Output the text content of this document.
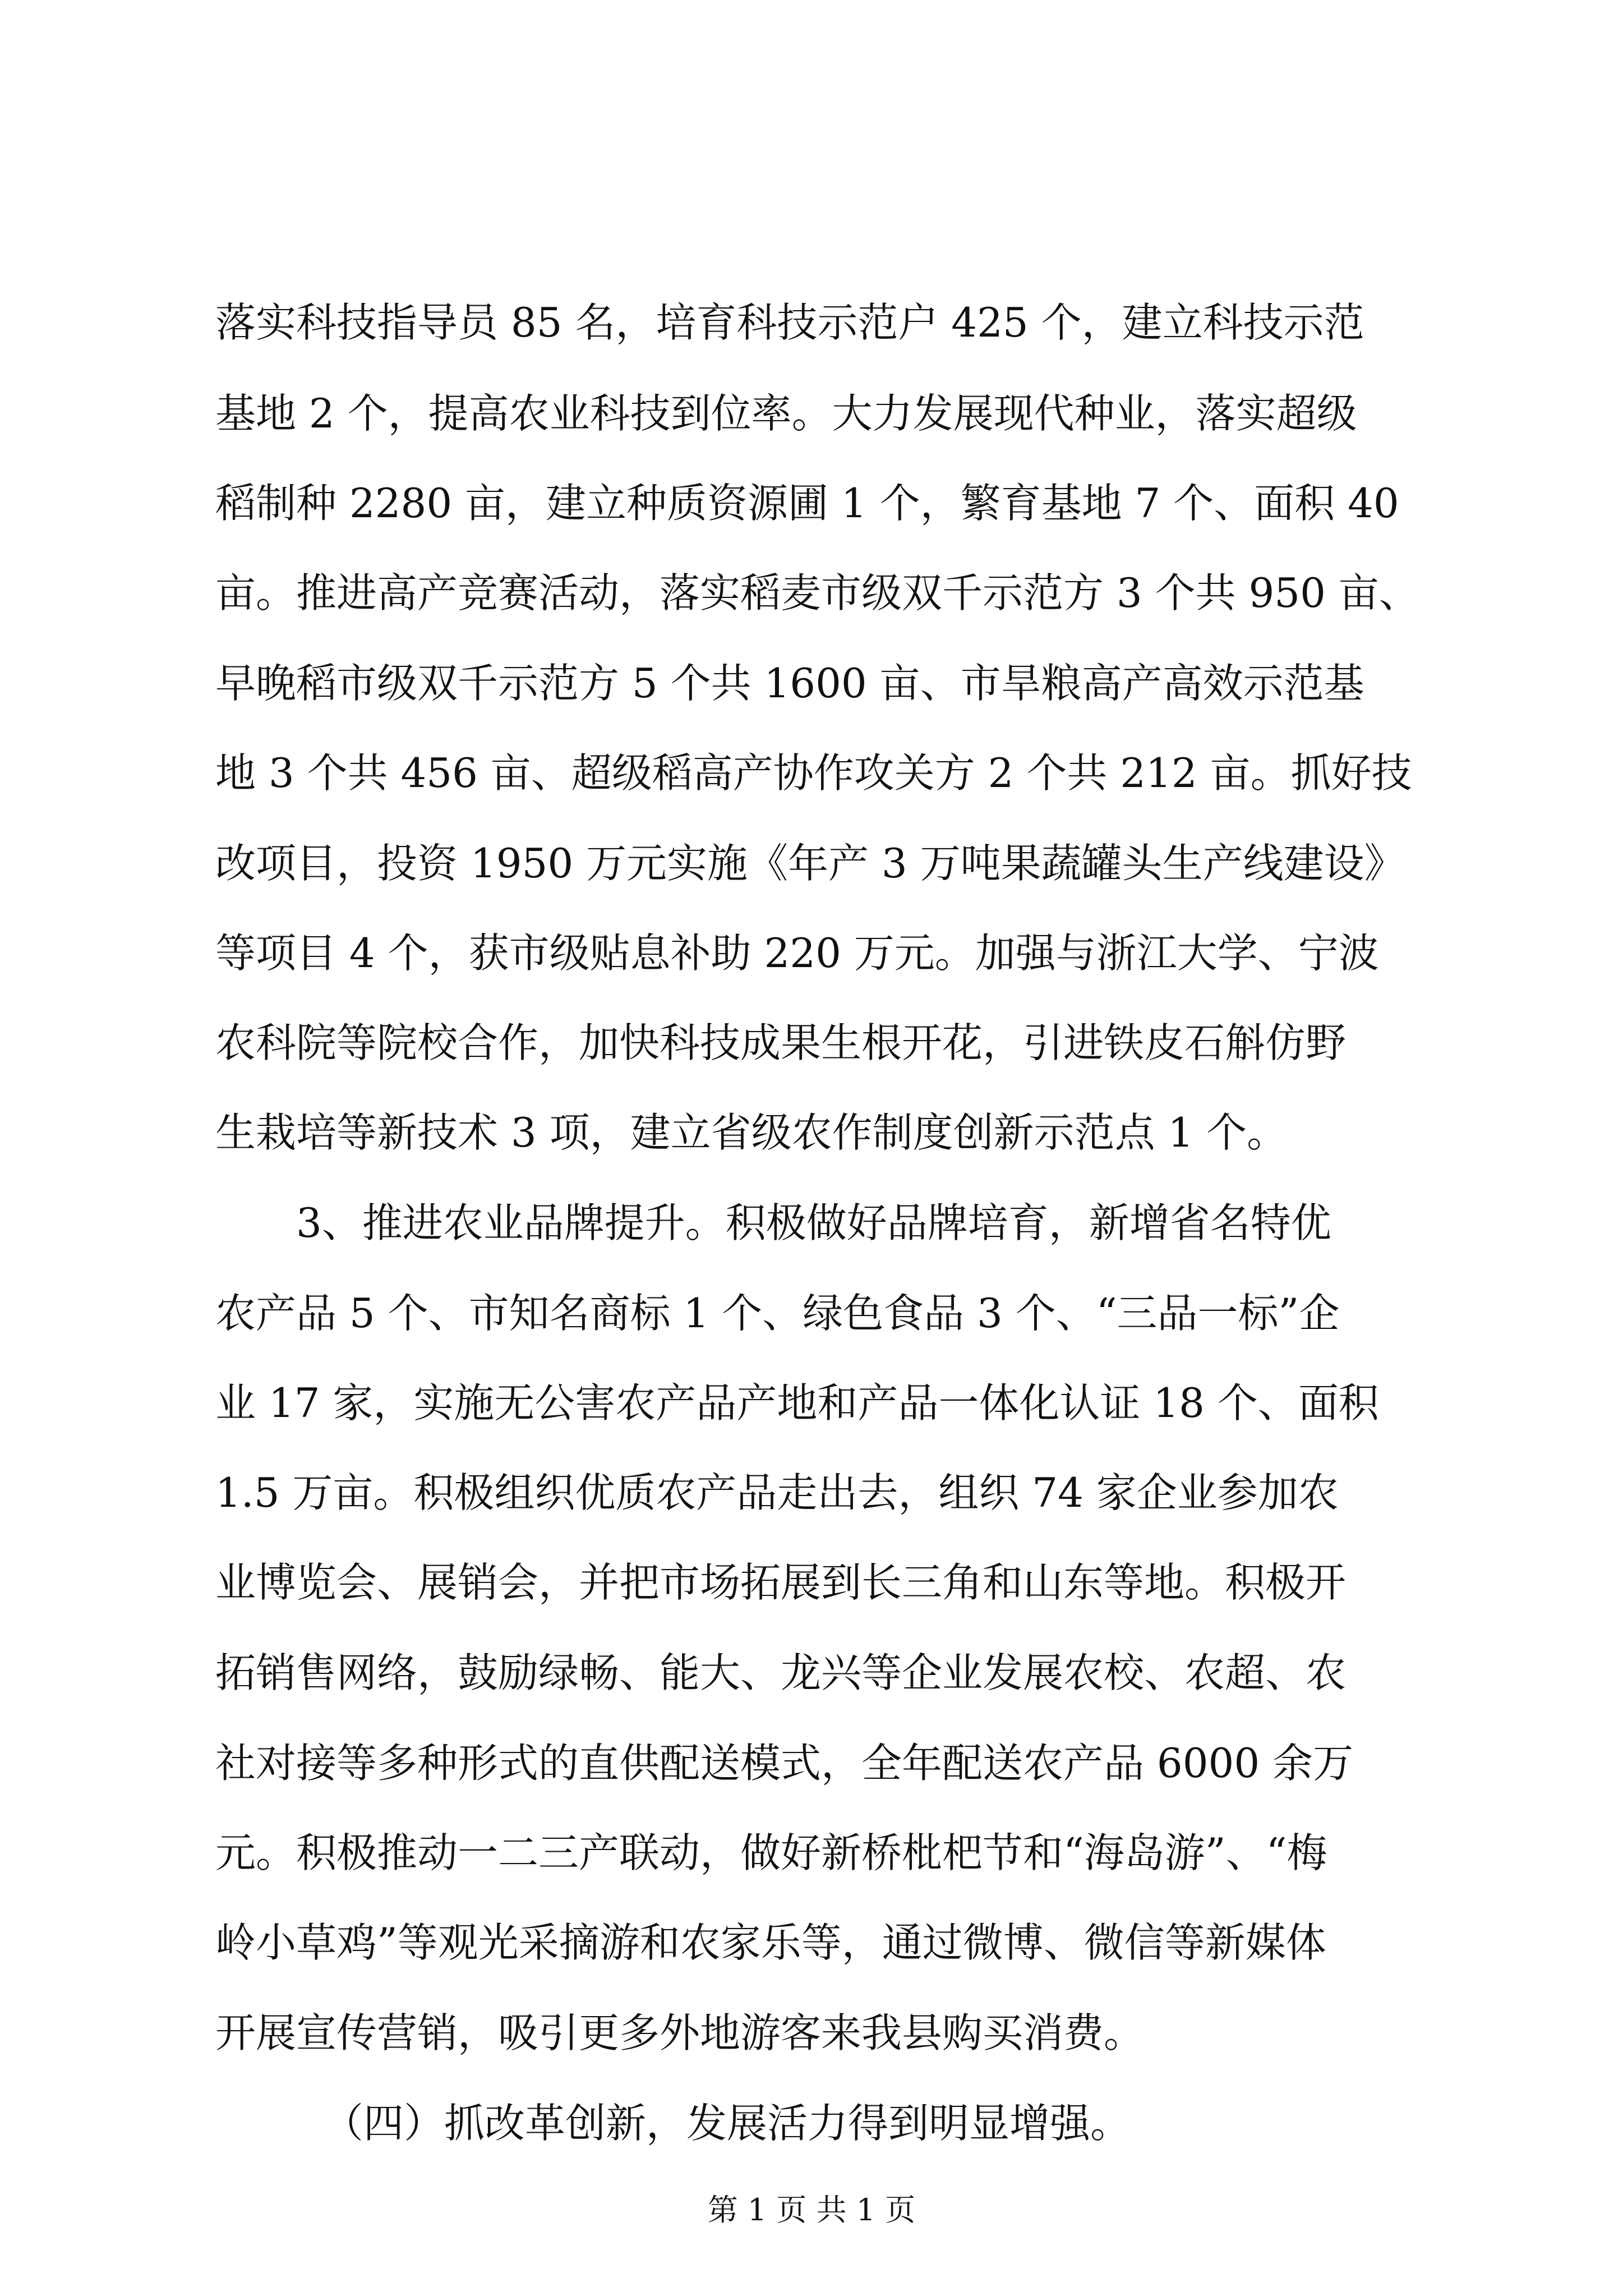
落实科技指导员 85 名，培育科技示范户 425 个，建立科技示范
基地 2 个，提高农业科技到位率。大力发展现代种业，落实超级
稻制种 2280 亩，建立种质资源圃 1 个，繁育基地 7 个、面积 40
亩。推进高产竞赛活动，落实稻麦市级双千示范方 3 个共 950 亩、
早晚稻市级双千示范方 5 个共 1600 亩、市旱粮高产高效示范基
地 3 个共 456 亩、超级稻高产协作攻关方 2 个共 212 亩。抓好技
改项目，投资 1950 万元实施《年产 3 万吨果蔬罐头生产线建设》
等项目 4 个，获市级贴息补助 220 万元。加强与浙江大学、宁波
农科院等院校合作，加快科技成果生根开花，引进铁皮石斛仿野
生栽培等新技术 3 项，建立省级农作制度创新示范点 1 个。
3、推进农业品牌提升。积极做好品牌培育，新增省名特优
农产品 5 个、市知名商标 1 个、绿色食品 3 个、“三品一标”企
业 17 家，实施无公害农产品产地和产品一体化认证 18 个、面积
1.5 万亩。积极组织优质农产品走出去，组织 74 家企业参加农
业博览会、展销会，并把市场拓展到长三角和山东等地。积极开
拓销售网络，鼓励绿畅、能大、龙兴等企业发展农校、农超、农
社对接等多种形式的直供配送模式，全年配送农产品 6000 余万
元。积极推动一二三产联动，做好新桥枇杷节和“海岛游”、“梅
岭小草鸡”等观光采摘游和农家乐等，通过微博、微信等新媒体
开展宣传营销，吸引更多外地游客来我县购买消费。
（四）抓改革创新，发展活力得到明显增强。
第 1 页 共 1 页
